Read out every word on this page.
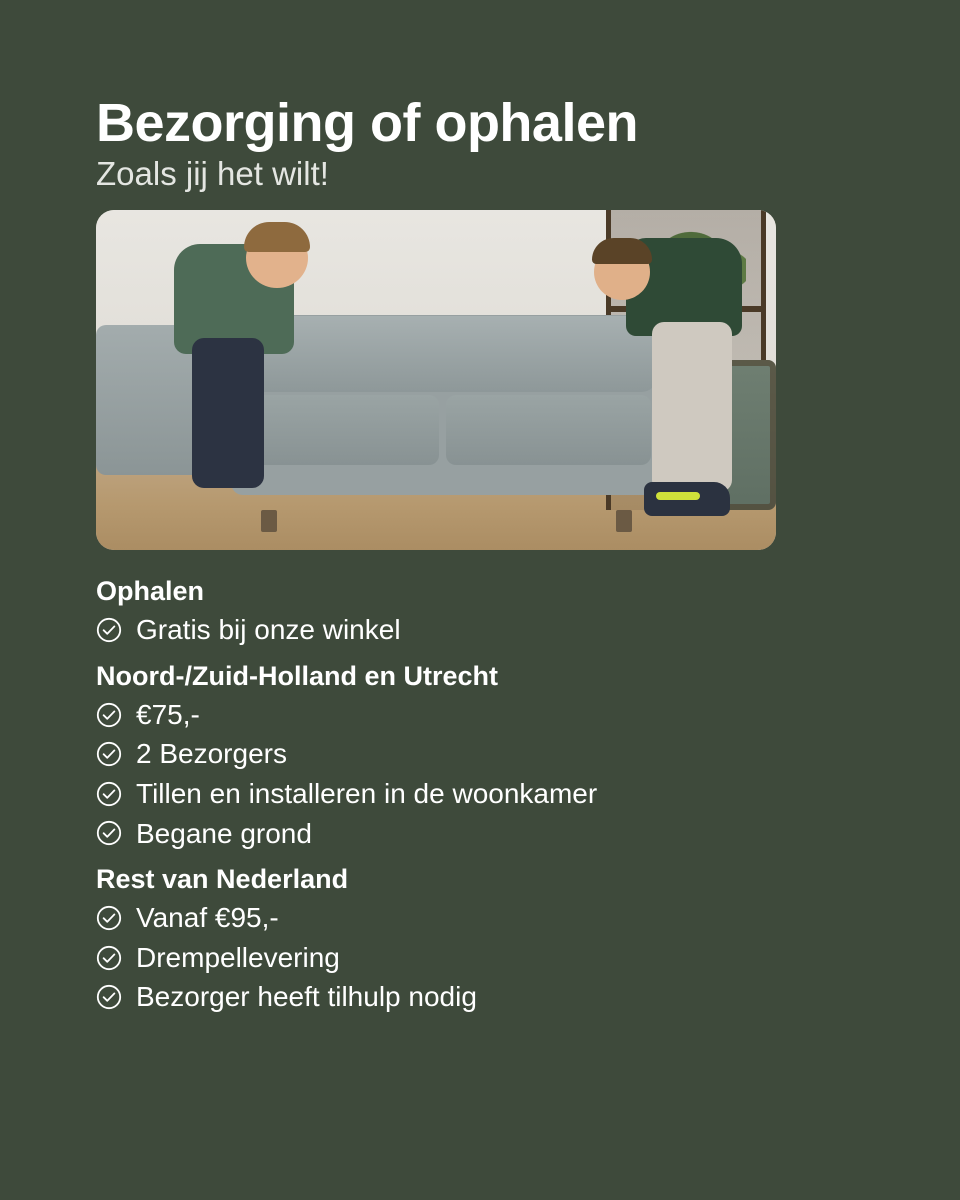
Bezorging of ophalen
Zoals jij het wilt!
Ophalen
Gratis bij onze winkel
Noord-/Zuid-Holland en Utrecht
€75,-
2 Bezorgers
Tillen en installeren in de woonkamer
Begane grond
Rest van Nederland
Vanaf €95,-
Drempellevering
Bezorger heeft tilhulp nodig
